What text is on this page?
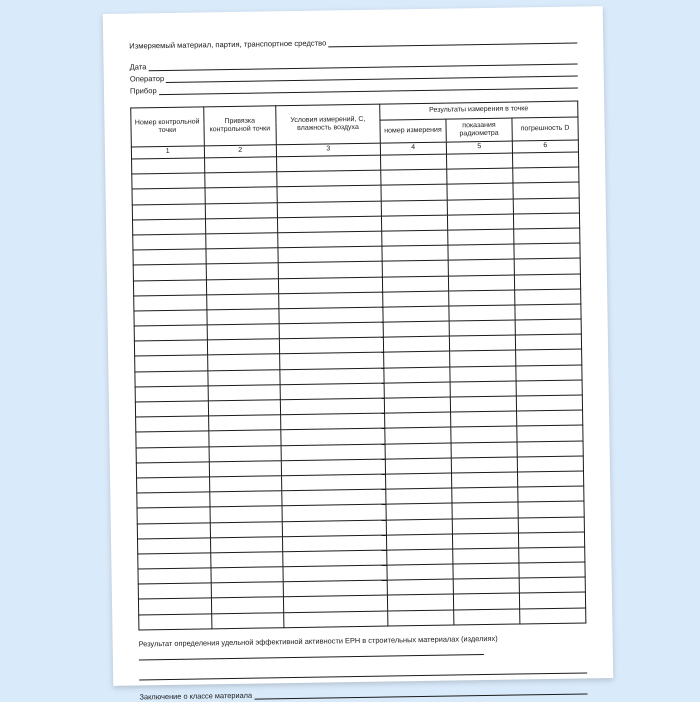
Измеряемый материал, партия, транспортное средство
Дата
Оператор
Прибор
Номер контрольной точки	Привязка контрольной точки	Условия измерений, С, влажность воздуха	Результаты измерения в точке		
			номер измерения	показания радиометра	погрешность D
1	2	3	4	5	6

Результат определения удельной эффективной активности ЕРН в строительных материалах (изделиях)
Заключение о классе материала
